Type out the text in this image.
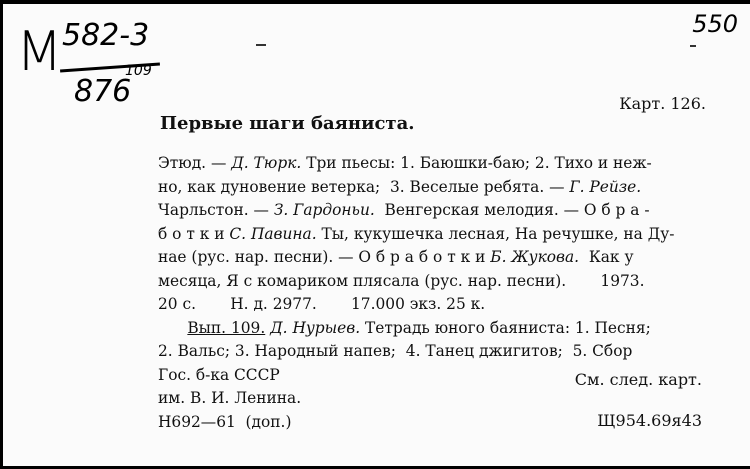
М 582-3
109
876
550
Карт. 126.
Первые шаги баяниста.
Этюд. — Д. Тюрк. Три пьесы: 1. Баюшки-баю; 2. Тихо и неж-
но, как дуновение ветерка;  3. Веселые ребята. — Г. Рейзе.
Чарльстон. — З. Гардоньи.  Венгерская мелодия. — О б р а -
б о т к и С. Павина. Ты, кукушечка лесная, На речушке, на Ду-
нае (рус. нар. песни). — О б р а б о т к и Б. Жукова.  Как у
месяца, Я с комариком плясала (рус. нар. песни).       1973.
20 с.       Н. д. 2977.       17.000 экз. 25 к.
Вып. 109. Д. Нурыев. Тетрадь юного баяниста: 1. Песня;
2. Вальс; 3. Народный напев;  4. Танец джигитов;  5. Сбор
Гос. б-ка СССР
им. В. И. Ленина.
Н692—61  (доп.)
См. след. карт.
Щ954.69я43
